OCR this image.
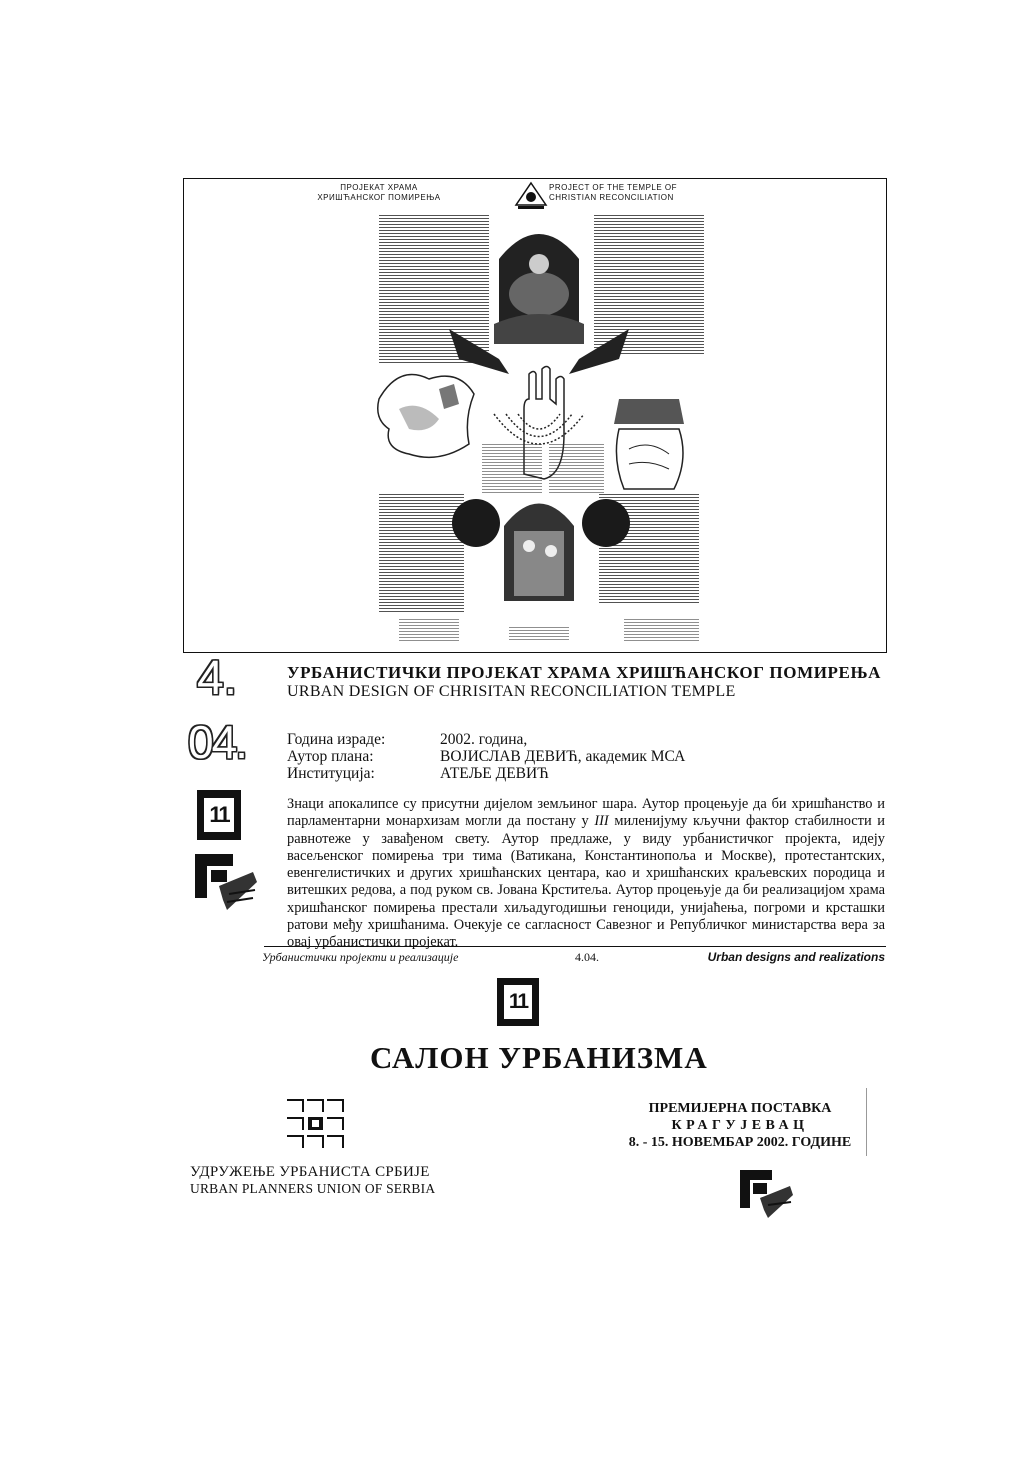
ПРОЈЕКАТ ХРАМА
ХРИШЋАНСКОГ ПОМИРЕЊА
PROJECT OF THE TEMPLE OF
CHRISTIAN RECONCILIATION
4.
04.
11
УРБАНИСТИЧКИ ПРОЈЕКАТ ХРАМА ХРИШЋАНСКОГ ПОМИРЕЊА
URBAN DESIGN OF CHRISITAN RECONCILIATION TEMPLE
Година израде:	2002. година,
Аутор плана:	ВОЈИСЛАВ ДЕВИЋ, академик МСА
Институција:	АТЕЉЕ ДЕВИЋ

Знаци апокалипсе су присутни дијелом земљиног шара. Аутор процењује да би хришћанство и парламентарни монархизам могли да постану у III миленијуму кључни фактор стабилности и равнотеже у завађеном свету. Аутор предлаже, у виду урбанистичког пројекта, идеју васељенског помирења три тима (Ватикана, Константинопоља и Москве), протестантских, евенгелистичких и других хришћанских центара, као и хришћанских краљевских породица и витешких редова, а под руком св. Јована Крститеља. Аутор процењује да би реализацијом храма хришћанског помирења престали хиљадугодишњи геноциди, унијаћења, погроми и крсташки ратови међу хришћанима. Очекује се сагласност Савезног и Републичког министарства вера за овај урбанистички пројекат.

Урбанистички пројекти и реализације	4.04.	Urban designs and realizations
11
САЛОН УРБАНИЗМА
УДРУЖЕЊЕ УРБАНИСТА СРБИЈЕ
URBAN PLANNERS UNION OF SERBIA
ПРЕМИЈЕРНА ПОСТАВКА
КРАГУЈЕВАЦ
8. - 15. НОВЕМБАР 2002. ГОДИНЕ
